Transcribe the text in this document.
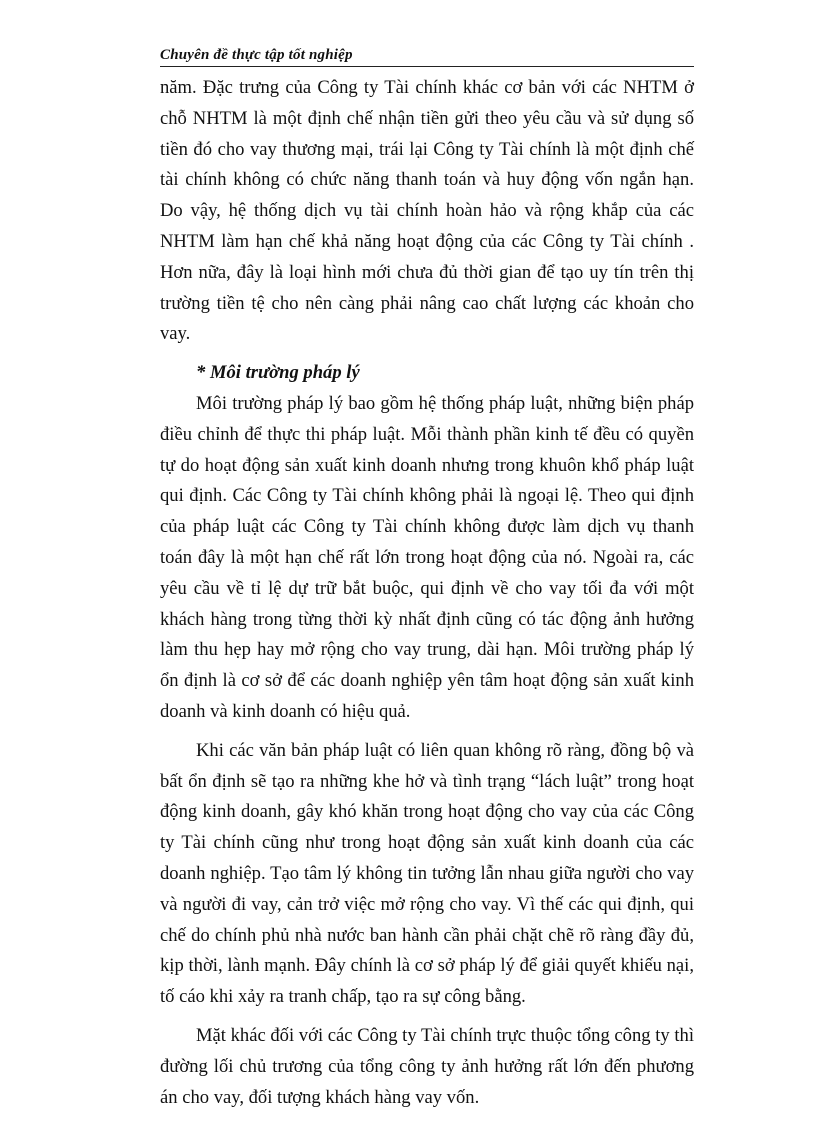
Chuyên đề thực tập tốt nghiệp

năm. Đặc trưng của Công ty Tài chính khác cơ bản với các NHTM ở chỗ NHTM là một định chế nhận tiền gửi theo yêu cầu và sử dụng số tiền đó cho vay thương mại, trái lại Công ty Tài chính là một định chế tài chính không có chức năng thanh toán và huy động vốn ngắn hạn. Do vậy, hệ thống dịch vụ tài chính hoàn hảo và rộng khắp của các NHTM làm hạn chế khả năng hoạt động của các Công ty Tài chính . Hơn nữa, đây là loại hình mới chưa đủ thời gian để tạo uy tín trên thị trường tiền tệ cho nên càng phải nâng cao chất lượng các khoản cho vay.

* Môi trường pháp lý

Môi trường pháp lý bao gồm hệ thống pháp luật, những biện pháp điều chỉnh để thực thi pháp luật. Mỗi thành phần kinh tế đều có quyền tự do hoạt động sản xuất kinh doanh nhưng trong khuôn khổ pháp luật qui định. Các Công ty Tài chính không phải là ngoại lệ. Theo qui định của pháp luật các Công ty Tài chính không được làm dịch vụ thanh toán đây là một hạn chế rất lớn trong hoạt động của nó. Ngoài ra, các yêu cầu về tỉ lệ dự trữ bắt buộc, qui định về cho vay tối đa với một khách hàng trong từng thời kỳ nhất định cũng có tác động ảnh hưởng làm thu hẹp hay mở rộng cho vay trung, dài hạn. Môi trường pháp lý ổn định là cơ sở để các doanh nghiệp yên tâm hoạt động sản xuất kinh doanh và kinh doanh có hiệu quả.

Khi các văn bản pháp luật có liên quan không rõ ràng, đồng bộ và bất ổn định sẽ tạo ra những khe hở và tình trạng “lách luật” trong hoạt động kinh doanh, gây khó khăn trong hoạt động cho vay của các Công ty Tài chính cũng như trong hoạt động sản xuất kinh doanh của các doanh nghiệp. Tạo tâm lý không tin tưởng lẫn nhau giữa người cho vay và người đi vay, cản trở việc mở rộng cho vay. Vì thế các qui định, qui chế do chính phủ nhà nước ban hành cần phải chặt chẽ rõ ràng đầy đủ, kịp thời, lành mạnh. Đây chính là cơ sở pháp lý để giải quyết khiếu nại, tố cáo khi xảy ra tranh chấp, tạo ra sự công bằng.

Mặt khác đối với các Công ty Tài chính trực thuộc tổng công ty thì đường lối chủ trương của tổng công ty ảnh hưởng rất lớn đến phương án cho vay, đối tượng khách hàng vay vốn.
